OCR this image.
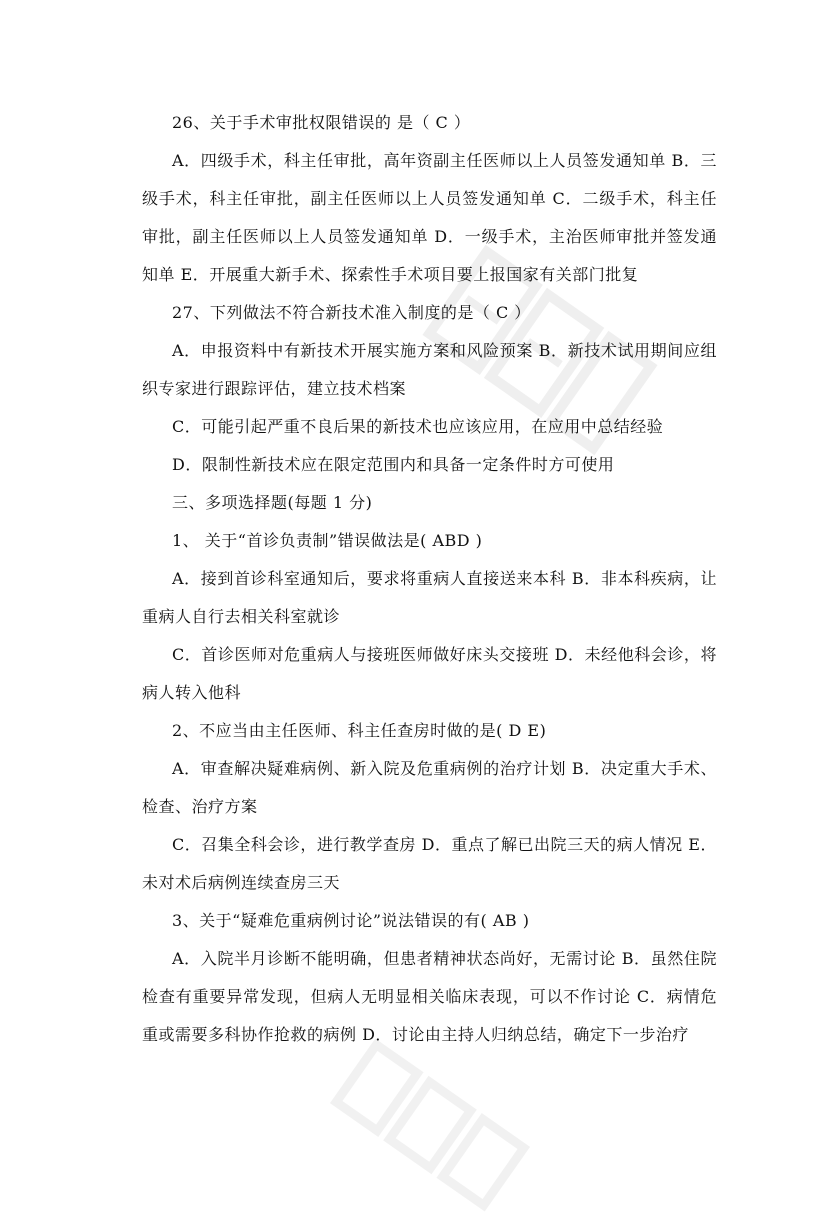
26、关于手术审批权限错误的 是（ C ）

A．四级手术，科主任审批，高年资副主任医师以上人员签发通知单 B．三级手术，科主任审批，副主任医师以上人员签发通知单 C．二级手术，科主任审批，副主任医师以上人员签发通知单 D．一级手术，主治医师审批并签发通知单 E．开展重大新手术、探索性手术项目要上报国家有关部门批复

27、下列做法不符合新技术准入制度的是（ C ）

A．申报资料中有新技术开展实施方案和风险预案 B．新技术试用期间应组织专家进行跟踪评估，建立技术档案

C．可能引起严重不良后果的新技术也应该应用，在应用中总结经验

D．限制性新技术应在限定范围内和具备一定条件时方可使用

三、多项选择题(每题 1 分)

1、 关于“首诊负责制”错误做法是( ABD )

A．接到首诊科室通知后，要求将重病人直接送来本科 B．非本科疾病，让重病人自行去相关科室就诊

C．首诊医师对危重病人与接班医师做好床头交接班 D．未经他科会诊，将病人转入他科

2、不应当由主任医师、科主任查房时做的是( D E)

A．审查解决疑难病例、新入院及危重病例的治疗计划 B．决定重大手术、检查、治疗方案

C．召集全科会诊，进行教学查房 D．重点了解已出院三天的病人情况 E．未对术后病例连续查房三天

3、关于“疑难危重病例讨论”说法错误的有( AB )

A．入院半月诊断不能明确，但患者精神状态尚好，无需讨论 B．虽然住院检查有重要异常发现，但病人无明显相关临床表现，可以不作讨论 C．病情危重或需要多科协作抢救的病例 D．讨论由主持人归纳总结，确定下一步治疗
